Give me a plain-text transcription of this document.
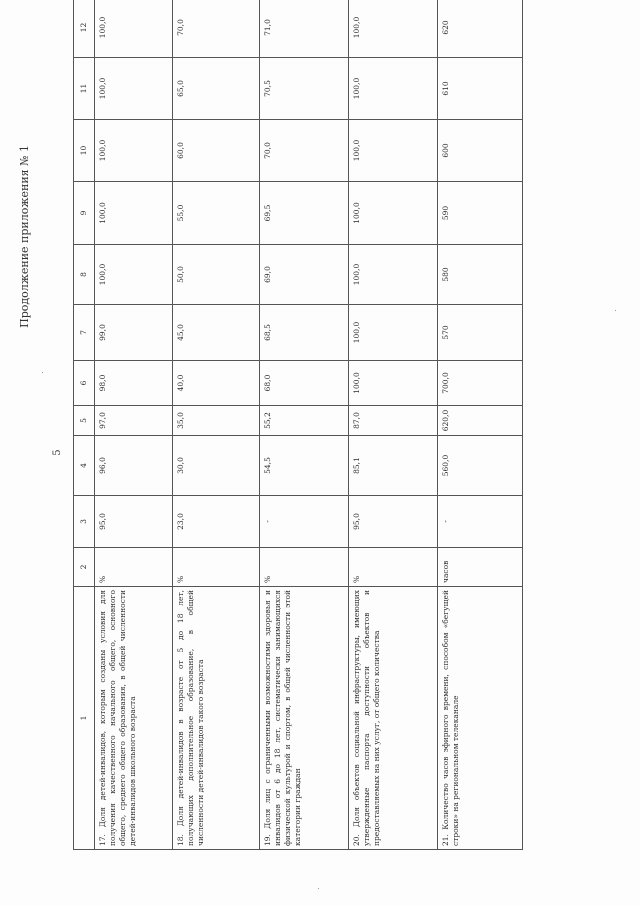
Продолжение приложения № 1
5
1	2	3	4	5	6	7	8	9	10	11	12
17. Доля детей-инвалидов, которым созданы условия для получения качественного начального общего, основного общего, среднего общего образования, в общей численности детей-инвалидов школьного возраста	%	95,0	96,0	97,0	98,0	99,0	100,0	100,0	100,0	100,0	100,0
18. Доля детей-инвалидов в возрасте от 5 до 18 лет, получающих дополнительное образование, в общей численности детей-инвалидов такого возраста	%	23,0	30,0	35,0	40,0	45,0	50,0	55,0	60,0	65,0	70,0
19. Доля лиц с ограниченными возможностями здоровья и инвалидов от 6 до 18 лет, систематически занимающихся физической культурой и спортом, в общей численности этой категории граждан	%	-	54,5	55,2	68,0	68,5	69,0	69,5	70,0	70,5	71,0
20. Доля объектов социальной инфраструктуры, имеющих утвержденные паспорта доступности объектов и предоставляемых на них услуг, от общего количества	%	95,0	85,1	87,0	100,0	100,0	100,0	100,0	100,0	100,0	100,0
21. Количество часов эфирного времени, способом «бегущей строки» на региональном телеканале	часов	-	560,0	620,0	700,0	570	580	590	600	610	620
